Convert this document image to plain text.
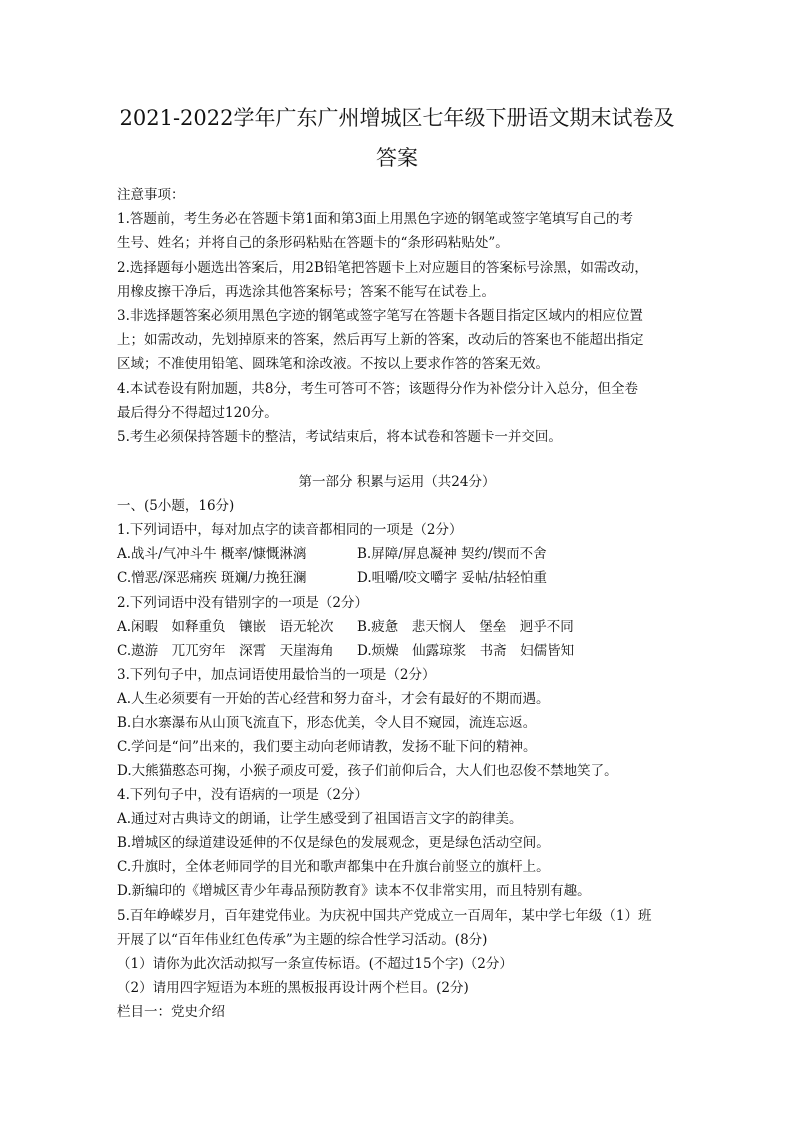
2021-2022学年广东广州增城区七年级下册语文期末试卷及
答案

注意事项：

1.答题前，考生务必在答题卡第1面和第3面上用黑色字迹的钢笔或签字笔填写自己的考

生号、姓名；并将自己的条形码粘贴在答题卡的“条形码粘贴处”。

2.选择题每小题选出答案后，用2B铅笔把答题卡上对应题目的答案标号涂黑，如需改动，

用橡皮擦干净后，再选涂其他答案标号；答案不能写在试卷上。

3.非选择题答案必须用黑色字迹的钢笔或签字笔写在答题卡各题目指定区域内的相应位置

上；如需改动，先划掉原来的答案，然后再写上新的答案，改动后的答案也不能超出指定

区域；不准使用铅笔、圆珠笔和涂改液。不按以上要求作答的答案无效。

4.本试卷设有附加题，共8分，考生可答可不答；该题得分作为补偿分计入总分，但全卷

最后得分不得超过120分。

5.考生必须保持答题卡的整洁，考试结束后，将本试卷和答题卡一并交回。

第一部分 积累与运用（共24分）

一、(5小题，16分)

1.下列词语中，每对加点字的读音都相同的一项是（2分）

A.战斗/气冲斗牛 概率/慷慨淋漓	B.屏障/屏息凝神 契约/锲而不舍
C.憎恶/深恶痛疾 斑斓/力挽狂澜	D.咀嚼/咬文嚼字 妥帖/拈轻怕重

2.下列词语中没有错别字的一项是（2分）

A.闲暇　如释重负　镶嵌　语无轮次 B.疲惫　悲天悯人　堡垒　迥乎不同
C.遨游　兀兀穷年　深霄　天崖海角 D.烦燥　仙露琼浆　书斋　妇儒皆知

3.下列句子中，加点词语使用最恰当的一项是（2分）

A.人生必须要有一开始的苦心经营和努力奋斗，才会有最好的不期而遇。

B.白水寨瀑布从山顶飞流直下，形态优美，令人目不窥园，流连忘返。

C.学问是“问”出来的，我们要主动向老师请教，发扬不耻下问的精神。

D.大熊猫憨态可掬，小猴子顽皮可爱，孩子们前仰后合，大人们也忍俊不禁地笑了。

4.下列句子中，没有语病的一项是（2分）

A.通过对古典诗文的朗诵，让学生感受到了祖国语言文字的韵律美。

B.增城区的绿道建设延伸的不仅是绿色的发展观念，更是绿色活动空间。

C.升旗时，全体老师同学的目光和歌声都集中在升旗台前竖立的旗杆上。

D.新编印的《增城区青少年毒品预防教育》读本不仅非常实用，而且特别有趣。

5.百年峥嵘岁月，百年建党伟业。为庆祝中国共产党成立一百周年，某中学七年级（1）班

开展了以“百年伟业红色传承”为主题的综合性学习活动。(8分)

（1）请你为此次活动拟写一条宣传标语。(不超过15个字)（2分）

（2）请用四字短语为本班的黑板报再设计两个栏目。(2分)

栏目一：党史介绍
